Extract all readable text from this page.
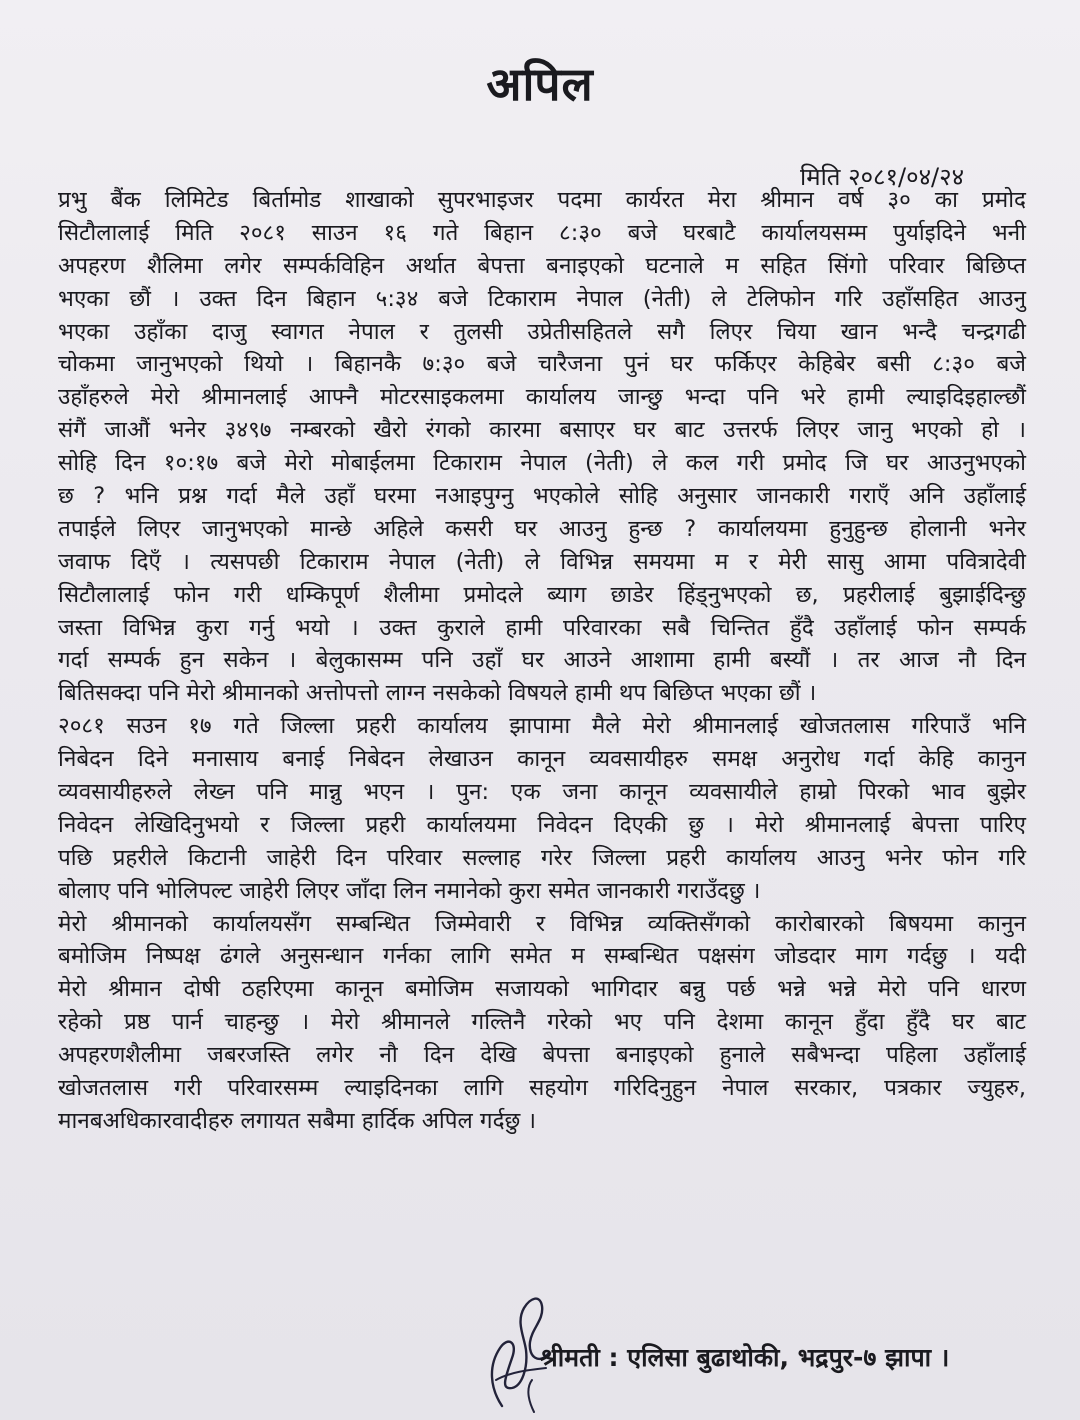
अपिल
मिति २०८१/०४/२४
प्रभु बैंक लिमिटेड बिर्तामोड शाखाको सुपरभाइजर पदमा कार्यरत मेरा श्रीमान वर्ष ३० का प्रमोद
सिटौलालाई मिति २०८१ साउन १६ गते बिहान ८:३० बजे घरबाटै कार्यालयसम्म पुर्याइदिने भनी
अपहरण शैलिमा लगेर सम्पर्कविहिन अर्थात बेपत्ता बनाइएको घटनाले म सहित सिंगो परिवार बिछिप्त
भएका छौं । उक्त दिन बिहान ५:३४ बजे टिकाराम नेपाल (नेती) ले टेलिफोन गरि उहाँसहित आउनु
भएका उहाँका दाजु स्वागत नेपाल र तुलसी उप्रेतीसहितले सगै लिएर चिया खान भन्दै चन्द्रगढी
चोकमा जानुभएको थियो । बिहानकै ७:३० बजे चारैजना पुनं घर फर्किएर केहिबेर बसी ८:३० बजे
उहाँहरुले मेरो श्रीमानलाई आफ्नै मोटरसाइकलमा कार्यालय जान्छु भन्दा पनि भरे हामी ल्याइदिइहाल्छौं
संगैं जाऔं भनेर ३४९७ नम्बरको खैरो रंगको कारमा बसाएर घर बाट उत्तरर्फ लिएर जानु भएको हो ।
सोहि दिन १०:१७ बजे मेरो मोबाईलमा टिकाराम नेपाल (नेती) ले कल गरी प्रमोद जि घर आउनुभएको
छ ? भनि प्रश्न गर्दा मैले उहाँ घरमा नआइपुग्नु भएकोले सोहि अनुसार जानकारी गराएँ अनि उहाँलाई
तपाईले लिएर जानुभएको मान्छे अहिले कसरी घर आउनु हुन्छ ? कार्यालयमा हुनुहुन्छ होलानी भनेर
जवाफ दिएँ । त्यसपछी टिकाराम नेपाल (नेती) ले विभिन्न समयमा म र मेरी सासु आमा पवित्रादेवी
सिटौलालाई फोन गरी धम्किपूर्ण शैलीमा प्रमोदले ब्याग छाडेर हिंड्नुभएको छ, प्रहरीलाई बुझाईदिन्छु
जस्ता विभिन्न कुरा गर्नु भयो । उक्त कुराले हामी परिवारका सबै चिन्तित हुँदै उहाँलाई फोन सम्पर्क
गर्दा सम्पर्क हुन सकेन । बेलुकासम्म पनि उहाँ घर आउने आशामा हामी बस्यौं । तर आज नौ दिन
बितिसक्दा पनि मेरो श्रीमानको अत्तोपत्तो लाग्न नसकेको विषयले हामी थप बिछिप्त भएका छौं ।
२०८१ सउन १७ गते जिल्ला प्रहरी कार्यालय झापामा मैले मेरो श्रीमानलाई खोजतलास गरिपाउँ भनि
निबेदन दिने मनासाय बनाई निबेदन लेखाउन कानून व्यवसायीहरु समक्ष अनुरोध गर्दा केहि कानुन
व्यवसायीहरुले लेख्न पनि मान्नु भएन । पुन: एक जना कानून व्यवसायीले हाम्रो पिरको भाव बुझेर
निवेदन लेखिदिनुभयो र जिल्ला प्रहरी कार्यालयमा निवेदन दिएकी छु । मेरो श्रीमानलाई बेपत्ता पारिए
पछि प्रहरीले किटानी जाहेरी दिन परिवार सल्लाह गरेर जिल्ला प्रहरी कार्यालय आउनु भनेर फोन गरि
बोलाए पनि भोलिपल्ट जाहेरी लिएर जाँदा लिन नमानेको कुरा समेत जानकारी गराउँदछु ।
मेरो श्रीमानको कार्यालयसँग सम्बन्धित जिम्मेवारी र विभिन्न व्यक्तिसँगको कारोबारको बिषयमा कानुन
बमोजिम निष्पक्ष ढंगले अनुसन्धान गर्नका लागि समेत म सम्बन्धित पक्षसंग जोडदार माग गर्दछु । यदी
मेरो श्रीमान दोषी ठहरिएमा कानून बमोजिम सजायको भागिदार बन्नु पर्छ भन्ने भन्ने मेरो पनि धारण
रहेको प्रष्ठ पार्न चाहन्छु । मेरो श्रीमानले गल्तिनै गरेको भए पनि देशमा कानून हुँदा हुँदै घर बाट
अपहरणशैलीमा जबरजस्ति लगेर नौ दिन देखि बेपत्ता बनाइएको हुनाले सबैभन्दा पहिला उहाँलाई
खोजतलास गरी परिवारसम्म ल्याइदिनका लागि सहयोग गरिदिनुहुन नेपाल सरकार, पत्रकार ज्युहरु,
मानबअधिकारवादीहरु लगायत सबैमा हार्दिक अपिल गर्दछु ।
श्रीमती : एलिसा बुढाथोकी, भद्रपुर-७ झापा ।
